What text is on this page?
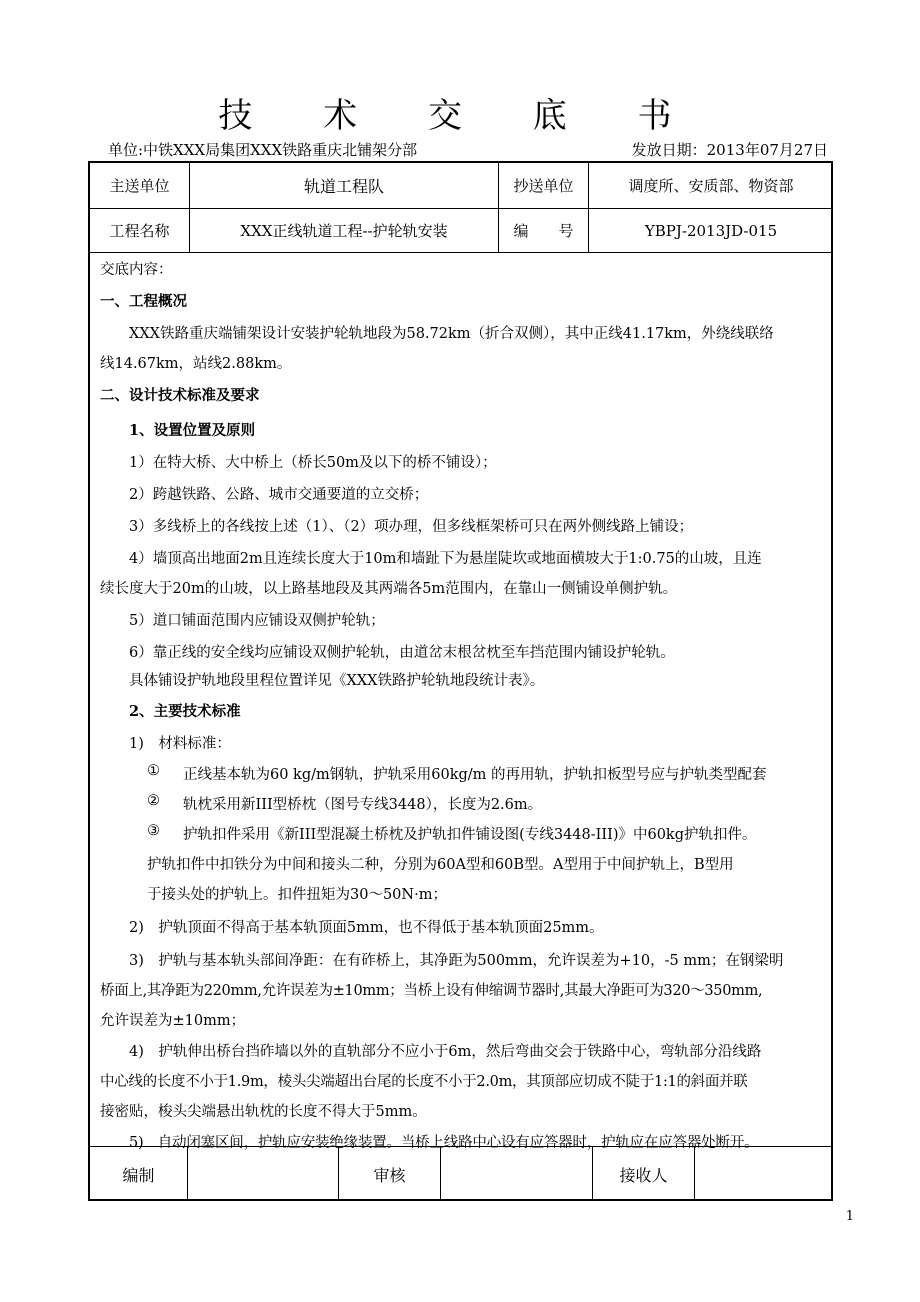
技 术 交 底 书
单位:中铁XXX局集团XXX铁路重庆北铺架分部	发放日期：2013年07月27日
主送单位	轨道工程队	抄送单位	调度所、安质部、物资部
工程名称	XXX正线轨道工程--护轮轨安装	编　　号	YBPJ-2013JD-015
交底内容：
一、工程概况
XXX铁路重庆端铺架设计安装护轮轨地段为58.72km（折合双侧），其中正线41.17km，外绕线联络
线14.67km，站线2.88km。
二、设计技术标准及要求
1、设置位置及原则
1）在特大桥、大中桥上（桥长50m及以下的桥不铺设）；
2）跨越铁路、公路、城市交通要道的立交桥；
3）多线桥上的各线按上述（1）、（2）项办理，但多线框架桥可只在两外侧线路上铺设；
4）墙顶高出地面2m且连续长度大于10m和墙趾下为悬崖陡坎或地面横坡大于1:0.75的山坡，且连
续长度大于20m的山坡，以上路基地段及其两端各5m范围内，在靠山一侧铺设单侧护轨。
5）道口铺面范围内应铺设双侧护轮轨；
6）靠正线的安全线均应铺设双侧护轮轨，由道岔末根岔枕至车挡范围内铺设护轮轨。
具体铺设护轨地段里程位置详见《XXX铁路护轮轨地段统计表》。
2、主要技术标准
1)　材料标准：
① 正线基本轨为60 kg/m钢轨，护轨采用60kg/m 的再用轨，护轨扣板型号应与护轨类型配套
② 轨枕采用新III型桥枕（图号专线3448），长度为2.6m。
③ 护轨扣件采用《新III型混凝土桥枕及护轨扣件铺设图(专线3448-III)》中60kg护轨扣件。
护轨扣件中扣铁分为中间和接头二种，分别为60A型和60B型。A型用于中间护轨上，B型用
于接头处的护轨上。扣件扭矩为30～50N·m；
2)　护轨顶面不得高于基本轨顶面5mm，也不得低于基本轨顶面25mm。
3)　护轨与基本轨头部间净距：在有砟桥上，其净距为500mm，允许误差为+10，-5 mm；在钢梁明
桥面上,其净距为220mm,允许误差为±10mm；当桥上设有伸缩调节器时,其最大净距可为320～350mm,
允许误差为±10mm；
4)　护轨伸出桥台挡砟墙以外的直轨部分不应小于6m，然后弯曲交会于铁路中心，弯轨部分沿线路
中心线的长度不小于1.9m，棱头尖端超出台尾的长度不小于2.0m，其顶部应切成不陡于1:1的斜面并联
接密贴，梭头尖端悬出轨枕的长度不得大于5mm。
5)　自动闭塞区间，护轨应安装绝缘装置。当桥上线路中心设有应答器时，护轨应在应答器处断开。
编制	审核	接收人
1
